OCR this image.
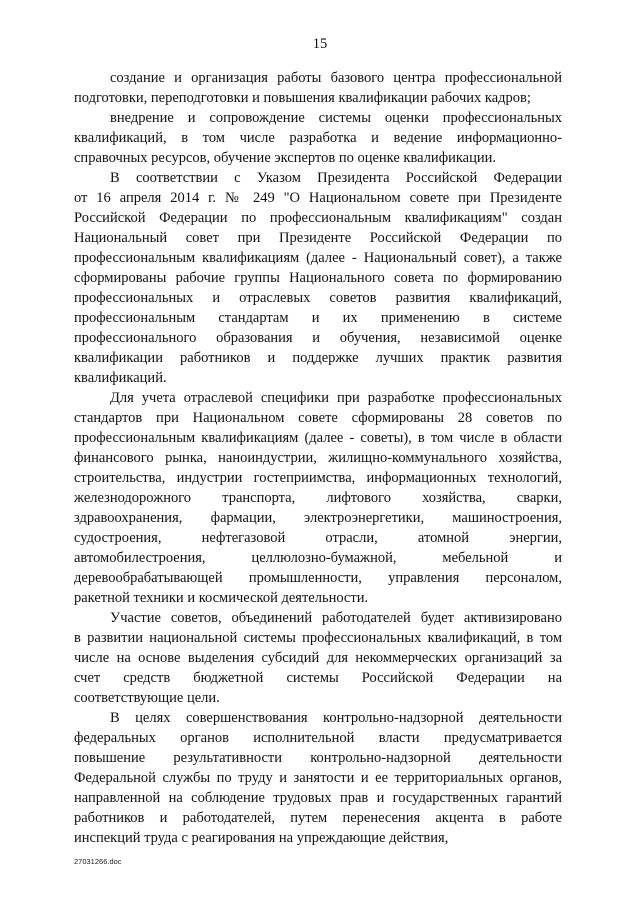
15
создание и организация работы базового центра профессиональной
подготовки, переподготовки и повышения квалификации рабочих кадров;
внедрение и сопровождение системы оценки профессиональных
квалификаций, в том числе разработка и ведение информационно-
справочных ресурсов, обучение экспертов по оценке квалификации.
В соответствии с Указом Президента Российской Федерации
от 16 апреля 2014 г. № 249 "О Национальном совете при Президенте
Российской Федерации по профессиональным квалификациям" создан
Национальный совет при Президенте Российской Федерации по
профессиональным квалификациям (далее - Национальный совет), а также
сформированы рабочие группы Национального совета по формированию
профессиональных и отраслевых советов развития квалификаций,
профессиональным стандартам и их применению в системе
профессионального образования и обучения, независимой оценке
квалификации работников и поддержке лучших практик развития
квалификаций.
Для учета отраслевой специфики при разработке профессиональных
стандартов при Национальном совете сформированы 28 советов по
профессиональным квалификациям (далее - советы), в том числе в области
финансового рынка, наноиндустрии, жилищно-коммунального хозяйства,
строительства, индустрии гостеприимства, информационных технологий,
железнодорожного транспорта, лифтового хозяйства, сварки,
здравоохранения, фармации, электроэнергетики, машиностроения,
судостроения, нефтегазовой отрасли, атомной энергии,
автомобилестроения, целлюлозно-бумажной, мебельной и
деревообрабатывающей промышленности, управления персоналом,
ракетной техники и космической деятельности.
Участие советов, объединений работодателей будет активизировано
в развитии национальной системы профессиональных квалификаций, в том
числе на основе выделения субсидий для некоммерческих организаций за
счет средств бюджетной системы Российской Федерации на
соответствующие цели.
В целях совершенствования контрольно-надзорной деятельности
федеральных органов исполнительной власти предусматривается
повышение результативности контрольно-надзорной деятельности
Федеральной службы по труду и занятости и ее территориальных органов,
направленной на соблюдение трудовых прав и государственных гарантий
работников и работодателей, путем перенесения акцента в работе
инспекций труда с реагирования на упреждающие действия,
27031266.doc
